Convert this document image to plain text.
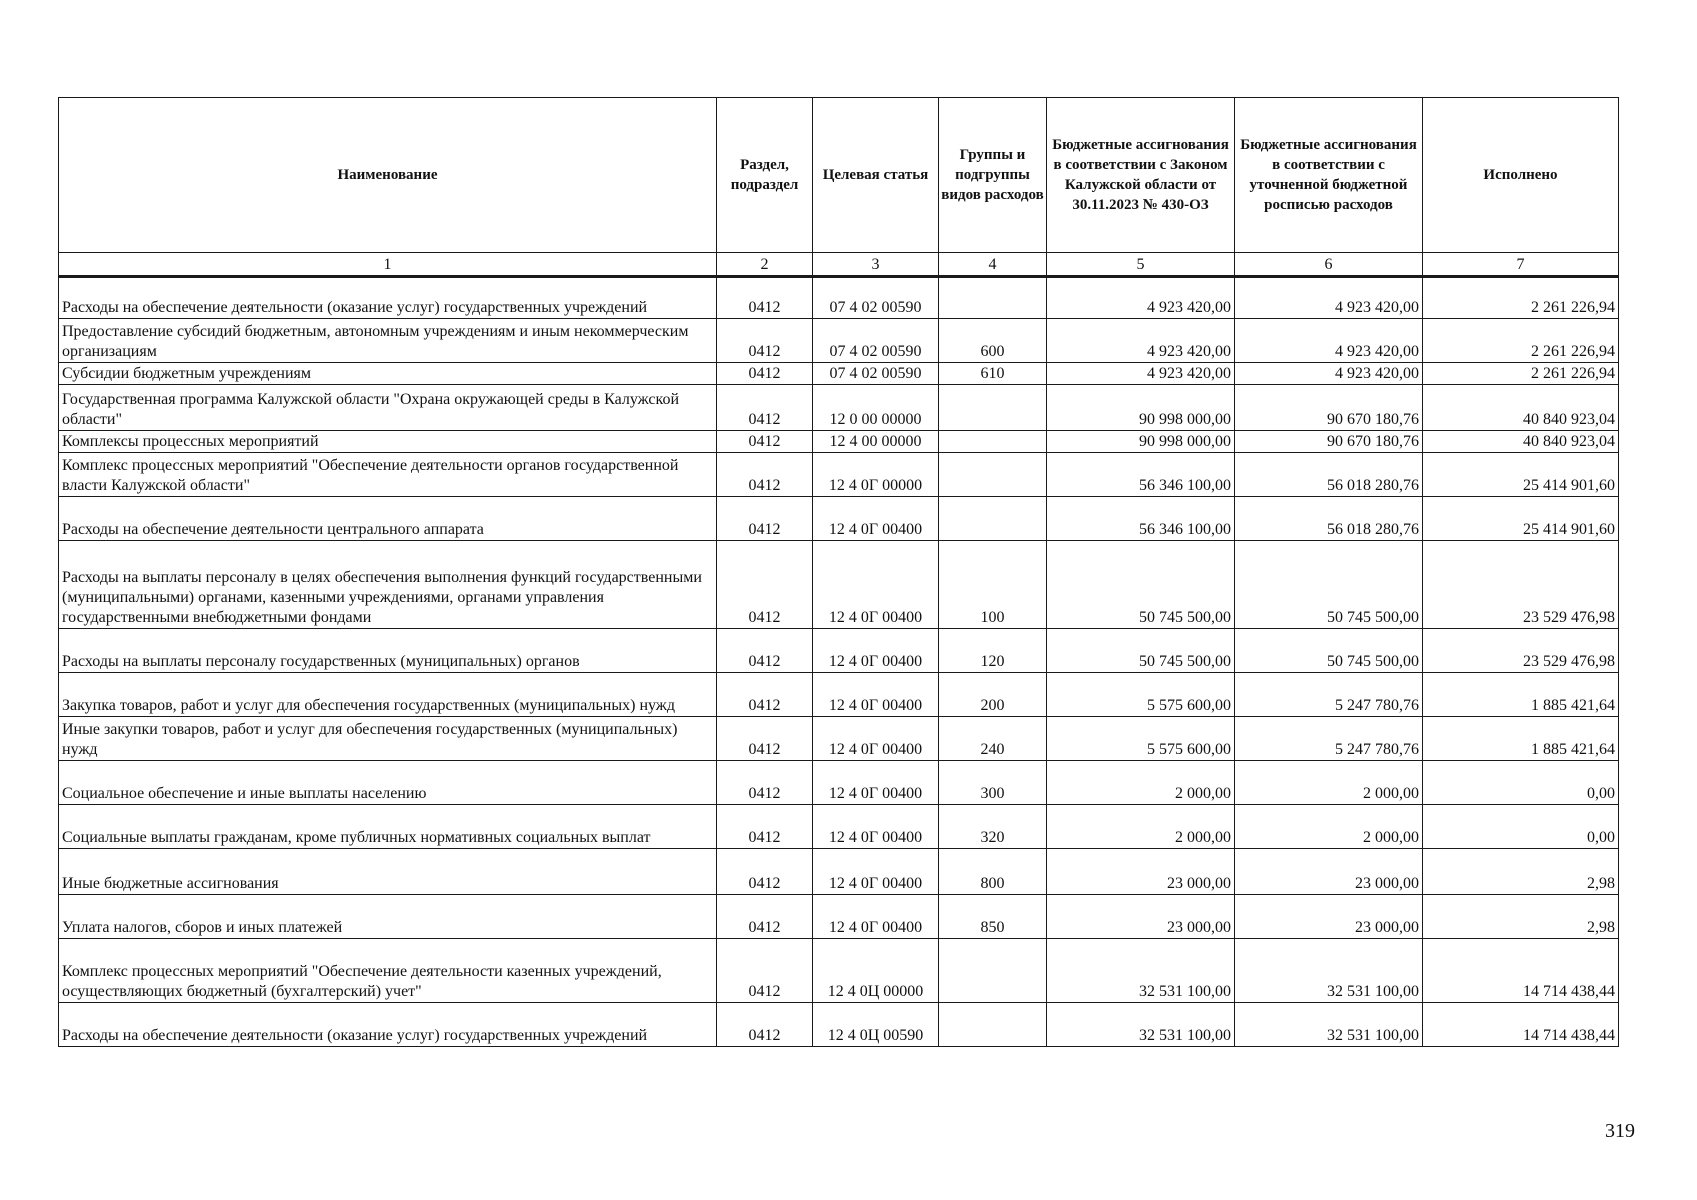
Наименование	Раздел, подраздел	Целевая статья	Группы и подгруппы видов расходов	Бюджетные ассигнования в соответствии с Законом Калужской области от 30.11.2023 № 430-ОЗ	Бюджетные ассигнования в соответствии с уточненной бюджетной росписью расходов	Исполнено
1	2	3	4	5	6	7
Расходы на обеспечение деятельности (оказание услуг) государственных учреждений	0412	07 4 02 00590		4 923 420,00	4 923 420,00	2 261 226,94
Предоставление субсидий бюджетным, автономным учреждениям и иным некоммерческим организациям	0412	07 4 02 00590	600	4 923 420,00	4 923 420,00	2 261 226,94
Субсидии бюджетным учреждениям	0412	07 4 02 00590	610	4 923 420,00	4 923 420,00	2 261 226,94
Государственная программа Калужской области "Охрана окружающей среды в Калужской области"	0412	12 0 00 00000		90 998 000,00	90 670 180,76	40 840 923,04
Комплексы процессных мероприятий	0412	12 4 00 00000		90 998 000,00	90 670 180,76	40 840 923,04
Комплекс процессных мероприятий "Обеспечение деятельности органов государственной власти Калужской области"	0412	12 4 0Г 00000		56 346 100,00	56 018 280,76	25 414 901,60
Расходы на обеспечение деятельности центрального аппарата	0412	12 4 0Г 00400		56 346 100,00	56 018 280,76	25 414 901,60
Расходы на выплаты персоналу в целях обеспечения выполнения функций государственными (муниципальными) органами, казенными учреждениями, органами управления государственными внебюджетными фондами	0412	12 4 0Г 00400	100	50 745 500,00	50 745 500,00	23 529 476,98
Расходы на выплаты персоналу государственных (муниципальных) органов	0412	12 4 0Г 00400	120	50 745 500,00	50 745 500,00	23 529 476,98
Закупка товаров, работ и услуг для обеспечения государственных (муниципальных) нужд	0412	12 4 0Г 00400	200	5 575 600,00	5 247 780,76	1 885 421,64
Иные закупки товаров, работ и услуг для обеспечения государственных (муниципальных) нужд	0412	12 4 0Г 00400	240	5 575 600,00	5 247 780,76	1 885 421,64
Социальное обеспечение и иные выплаты населению	0412	12 4 0Г 00400	300	2 000,00	2 000,00	0,00
Социальные выплаты гражданам, кроме публичных нормативных социальных выплат	0412	12 4 0Г 00400	320	2 000,00	2 000,00	0,00
Иные бюджетные ассигнования	0412	12 4 0Г 00400	800	23 000,00	23 000,00	2,98
Уплата налогов, сборов и иных платежей	0412	12 4 0Г 00400	850	23 000,00	23 000,00	2,98
Комплекс процессных мероприятий "Обеспечение деятельности казенных учреждений, осуществляющих бюджетный (бухгалтерский) учет"	0412	12 4 0Ц 00000		32 531 100,00	32 531 100,00	14 714 438,44
Расходы на обеспечение деятельности (оказание услуг) государственных учреждений	0412	12 4 0Ц 00590		32 531 100,00	32 531 100,00	14 714 438,44
319
